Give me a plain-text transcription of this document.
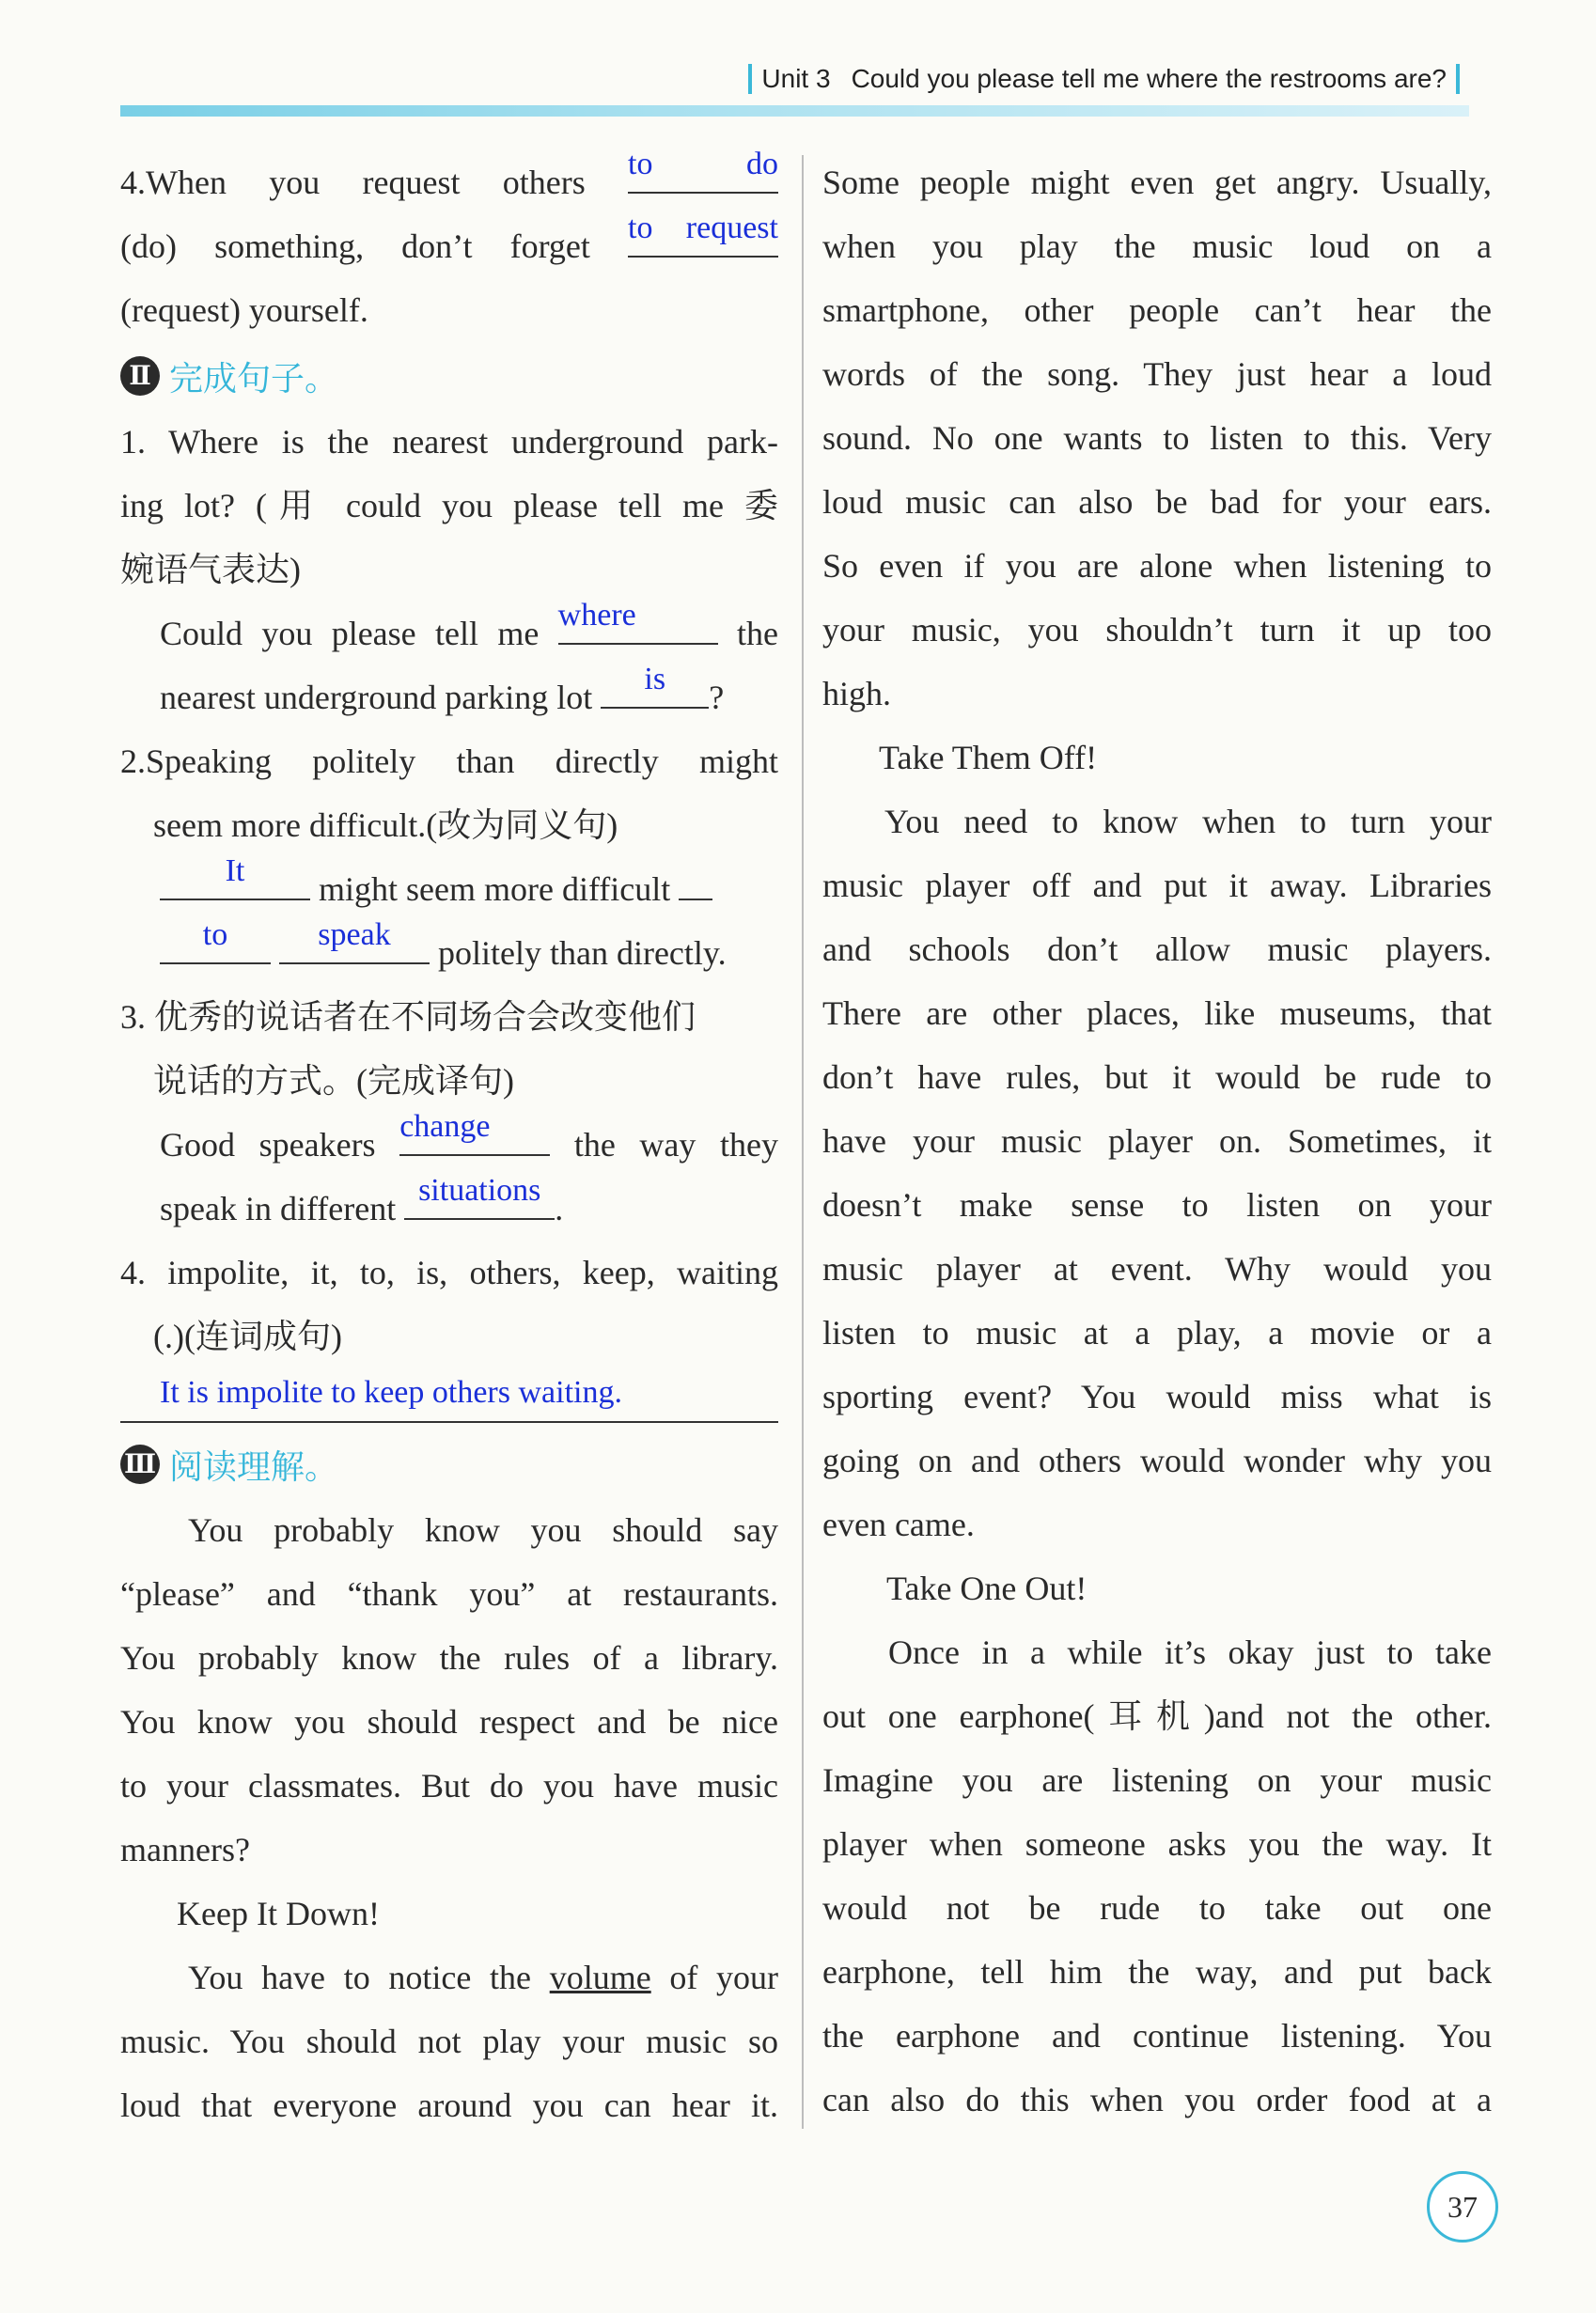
Unit 3 Could you please tell me where the restrooms are?
4.When you request others to do
(do) something, don’t forget to request
(request) yourself.
Ⅱ 完成句子。
1. Where is the nearest underground park-
ing lot? (用 could you please tell me 委
婉语气表达)
Could you please tell me where	the
nearest underground parking lot	is	?
2.Speaking politely than directly might
seem more difficult.(改为同义句)
It	might seem more difficult
to
	speak	politely than directly.
3. 优秀的说话者在不同场合会改变他们
说话的方式。(完成译句)
Good speakers change	the way they
speak in different situations .
4. impolite, it, to, is, others, keep, waiting
(.)(连词成句)
It is impolite to keep others waiting.
Ⅲ 阅读理解。
You probably know you should say
“please” and “thank you” at restaurants.
You probably know the rules of a library.
You know you should respect and be nice
to your classmates. But do you have music
manners?
Keep It Down!
You have to notice the volume of your
music. You should not play your music so
loud that everyone around you can hear it.
Some people might even get angry. Usually,
when you play the music loud on a
smartphone, other people can’t hear the
words of the song. They just hear a loud
sound. No one wants to listen to this. Very
loud music can also be bad for your ears.
So even if you are alone when listening to
your music, you shouldn’t turn it up too
high.
Take Them Off!
You need to know when to turn your
music player off and put it away. Libraries
and schools don’t allow music players.
There are other places, like museums, that
don’t have rules, but it would be rude to
have your music player on. Sometimes, it
doesn’t make sense to listen on your
music player at event. Why would you
listen to music at a play, a movie or a
sporting event? You would miss what is
going on and others would wonder why you
even came.
Take One Out!
Once in a while it’s okay just to take
out one earphone(耳机)and not the other.
Imagine you are listening on your music
player when someone asks you the way. It
would not be rude to take out one
earphone, tell him the way, and put back
the earphone and continue listening. You
can also do this when you order food at a
37
